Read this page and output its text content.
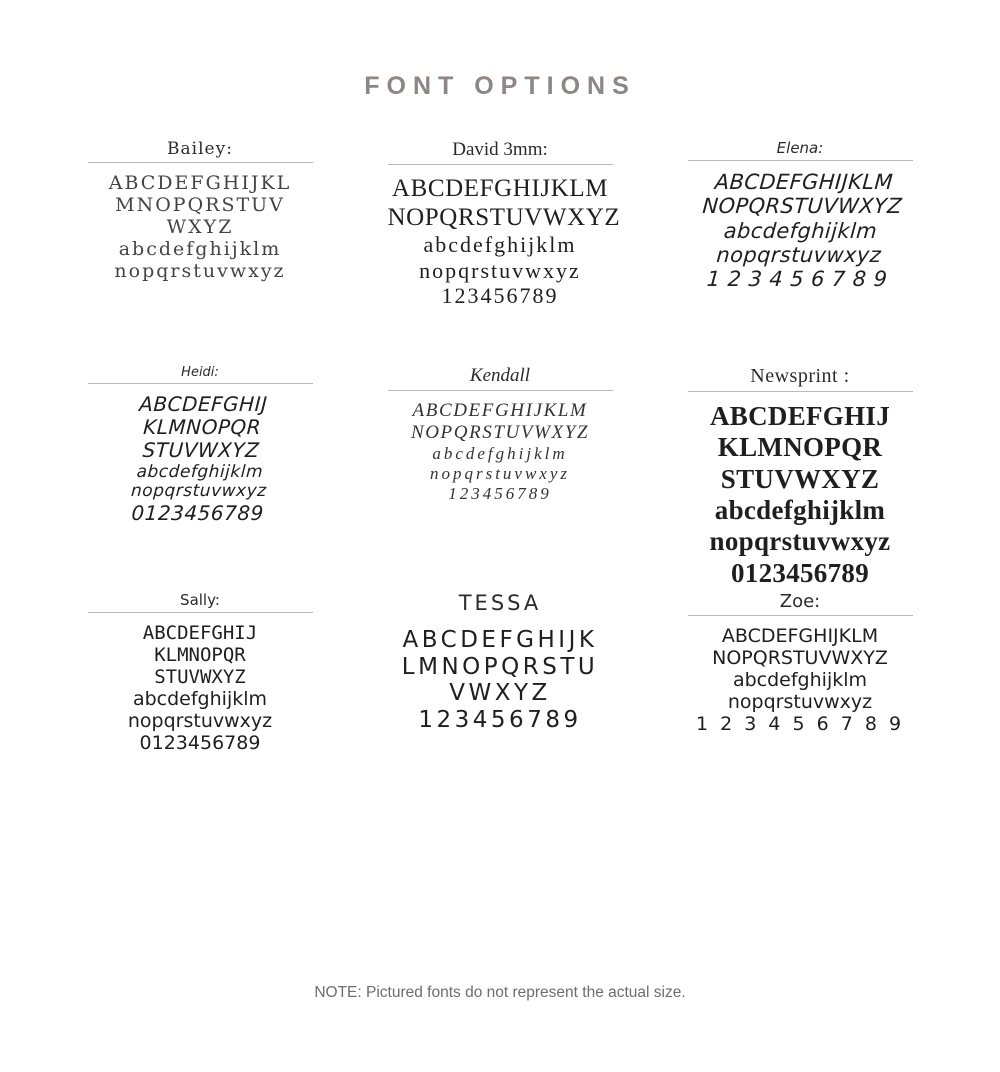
FONT OPTIONS
Bailey:
ABCDEFGHIJKL
MNOPQRSTUV
WXYZ
abcdefghijklm
nopqrstuvwxyz
David 3mm:
ABCDEFGHIJKLM
NOPQRSTUVWXYZ
abcdefghijklm
nopqrstuvwxyz
123456789
Elena:
ABCDEFGHIJKLM
NOPQRSTUVWXYZ
abcdefghijklm
nopqrstuvwxyz
1 2 3 4 5 6 7 8 9
Heidi:
ABCDEFGHIJ
KLMNOPQR
STUVWXYZ
abcdefghijklm
nopqrstuvwxyz
0123456789
Kendall
ABCDEFGHIJKLM
NOPQRSTUVWXYZ
abcdefghijklm
nopqrstuvwxyz
123456789
Newsprint :
ABCDEFGHIJ
KLMNOPQR
STUVWXYZ
abcdefghijklm
nopqrstuvwxyz
0123456789
Sally:
ABCDEFGHIJ
KLMNOPQR
STUVWXYZ
abcdefghijklm
nopqrstuvwxyz
0123456789
TESSA
ABCDEFGHIJK
LMNOPQRSTU
VWXYZ
123456789
Zoe:
ABCDEFGHIJKLM
NOPQRSTUVWXYZ
abcdefghijklm
nopqrstuvwxyz
1 2 3 4 5 6 7 8 9
NOTE: Pictured fonts do not represent the actual size.
